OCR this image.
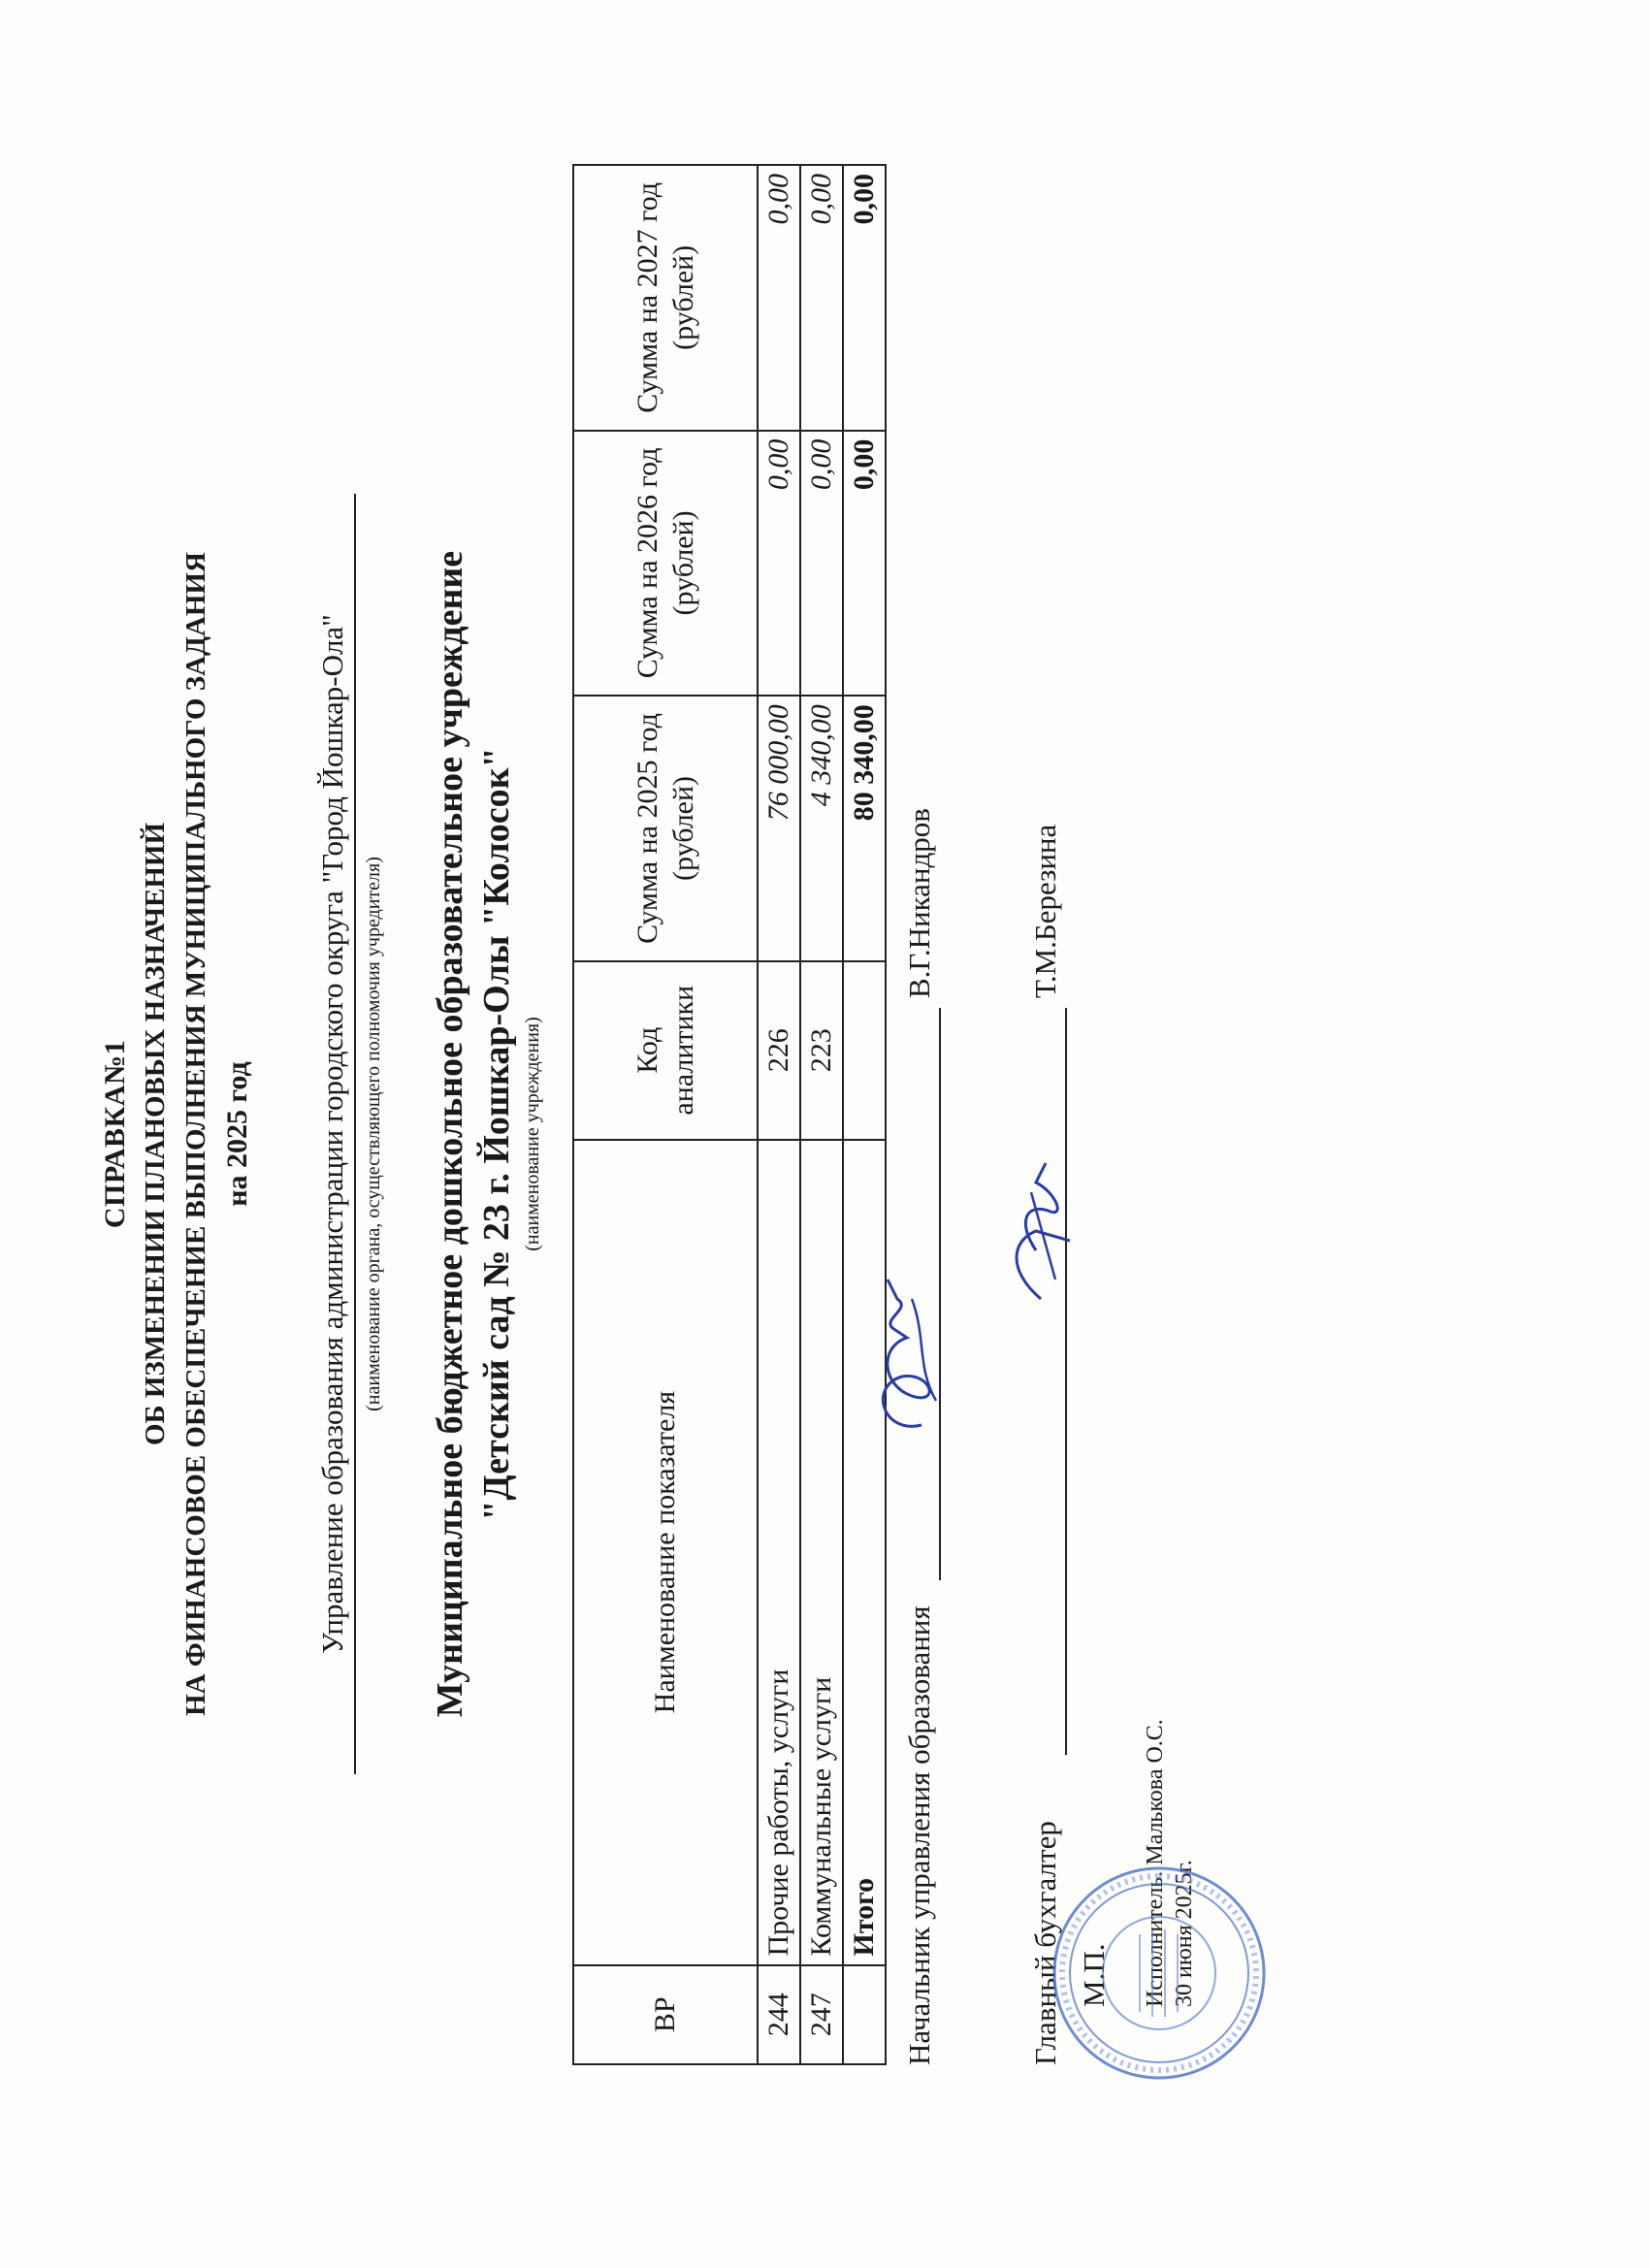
СПРАВКА№1 ОБ ИЗМЕНЕНИИ ПЛАНОВЫХ НАЗНАЧЕНИЙ НА ФИНАНСОВОЕ ОБЕСПЕЧЕНИЕ ВЫПОЛНЕНИЯ МУНИЦИПАЛЬНОГО ЗАДАНИЯ на 2025 год Управление образования администрации городского округа "Город Йошкар-Ола" (наименование органа, осуществляющего полномочия учредителя) Муниципальное бюджетное дошкольное образовательное учреждение "Детский сад № 23 г. Йошкар-Олы "Колосок" (наименование учреждения)
ВР	Наименование показателя	Код аналитики	Сумма на 2025 год (рублей)	Сумма на 2026 год (рублей)	Сумма на 2027 год (рублей)
244	Прочие работы, услуги	226	76 000,00	0,00	0,00
247	Коммунальные услуги	223	4 340,00	0,00	0,00
	Итого		80 340,00	0,00	0,00
Начальник управления образования
В.Г.Никандров
Главный бухгалтер
Т.М.Березина
М.П. Исполнитель. Малькова О.С. 30 июня 2025г.
